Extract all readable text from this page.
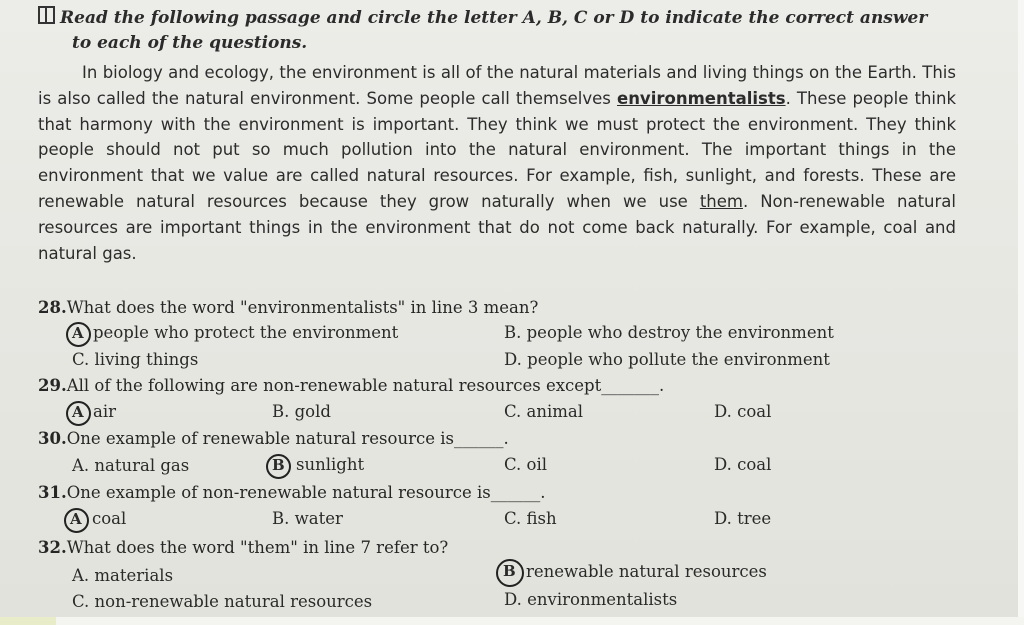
Read the following passage and circle the letter A, B, C or D to indicate the correct answer
to each of the questions.
In biology and ecology, the environment is all of the natural materials and living things on the Earth. This is also called the natural environment. Some people call themselves environmentalists. These people think that harmony with the environment is important. They think we must protect the environment. They think people should not put so much pollution into the natural environment. The important things in the environment that we value are called natural resources. For example, fish, sunlight, and forests. These are renewable natural resources because they grow naturally when we use them. Non-renewable natural resources are important things in the environment that do not come back naturally. For example, coal and natural gas.
28.What does the word "environmentalists" in line 3 mean?
A people who protect the environment	B. people who destroy the environment
C. living things	D. people who pollute the environment
29.All of the following are non-renewable natural resources except_______.
A air	B. gold	C. animal	D. coal
30.One example of renewable natural resource is______.
A. natural gas	B sunlight	C. oil	D. coal
31.One example of non-renewable natural resource is______.
A coal	B. water	C. fish	D. tree
32.What does the word "them" in line 7 refer to?
A. materials	B renewable natural resources
C. non-renewable natural resources	D. environmentalists
